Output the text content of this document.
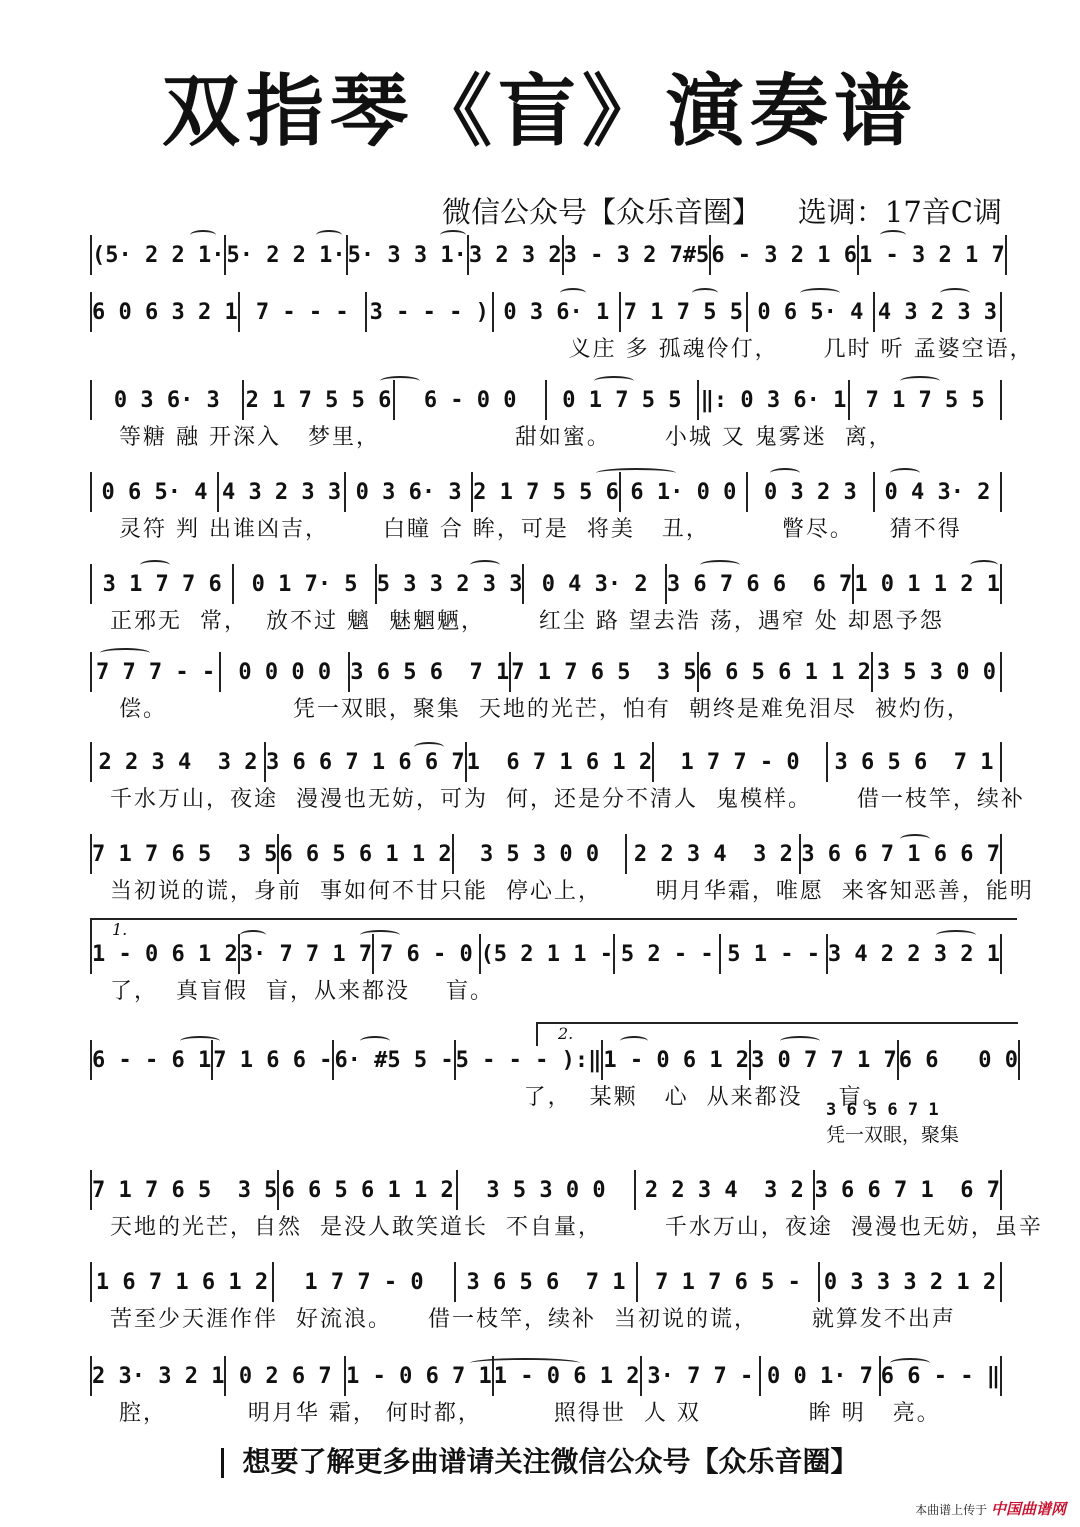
双指琴《盲》演奏谱
微信公众号【众乐音圈】    选调：17音C调
(5· 2 2 1· 5· 2 2 1· 5· 3 3 1· 3 2 3 2 3 - 3 2 7#5 6 - 3 2 1 6 1 - 3 2 1 7
6 0 6 3 2 1 7 - - - 3 - - - ) 0 3 6· 1 7 1 7 5 5 0 6 5· 4 4 3 2 3 3
义庄 多 孤魂伶仃，     几时 听 孟婆空语，
0 3 6· 3	2 1 7 5 5 6	6 - 0 0	0 1 7 5 5 ‖: 0 3 6· 1 7 1 7 5 5
等糖 融 开深入   梦里，               甜如蜜。      小城 又 鬼雾迷  离，
0 6 5· 4 4 3 2 3 3 0 3 6· 3 2 1 7 5 5 6 6 1· 0 0	0 3 2 3	0 4 3· 2
灵符 判 出谁凶吉，      白瞳 合 眸，可是  将美   丑，        瞥尽。    猜不得
3 1 7 7 6	0 1 7· 5 5 3 3 2 3 3 0 4 3· 2 3 6 7 6 6  6 7 1 0 1 1 2 1
正邪无  常，  放不过 魑  魅魍魉，      红尘 路 望去浩 荡，遇窄 处 却恩予怨
7 7 7 - -	0 0 0 0 3 6 5 6  7 1 7 1 7 6 5  3 5 6 6 5 6 1 1 2 3 5 3 0 0
偿。              凭一双眼，聚集  天地的光芒，怕有  朝终是难免泪尽  被灼伤，
2 2 3 4  3 2 3 6 6 7 1 6 6 7 1  6 7 1 6 1 2	1 7 7 - 0	3 6 5 6  7 1
千水万山，夜途  漫漫也无妨，可为  何，还是分不清人  鬼模样。     借一枝竿，续补
7 1 7 6 5  3 5 6 6 5 6 1 1 2	3 5 3 0 0	2 2 3 4  3 2 3 6 6 7 1 6 6 7
当初说的谎，身前  事如何不甘只能  停心上，      明月华霜，唯愿  来客知恶善，能明
1 - 0 6 1 2 3· 7 7 1 7 7 6 - 0 (5 2 1 1 - 5 2 - - 5 1 - - 3 4 2 2 3 2 1
了，  真盲假  盲，从来都没    盲。
1.
6 - - 6 1 7 1 6 6 - 6· #5 5 - 5 - - - ):‖ 1 - 0 6 1 2 3 0 7 7 1 7 6 6   0 0
了，  某颗   心  从来都没    盲。
2.
7 1 7 6 5  3 5 6 6 5 6 1 1 2	3 5 3 0 0	2 2 3 4  3 2 3 6 6 7 1  6 7
天地的光芒，自然  是没人敢笑道长  不自量，       千水万山，夜途  漫漫也无妨，虽辛
1 6 7 1 6 1 2	1 7 7 - 0	3 6 5 6  7 1	7 1 7 6 5 -	0 3 3 3 2 1 2
苦至少天涯作伴  好流浪。    借一枝竿，续补  当初说的谎，      就算发不出声
2 3· 3 2 1 0 2 6 7 1 - 0 6 7 1 1 - 0 6 1 2 3· 7 7 - 0 0 1· 7 6 6 - - ‖
腔，         明月华 霜， 何时都，        照得世  人 双            眸 明   亮。
3 6 5 6 7 1
凭一双眼，聚集
想要了解更多曲谱请关注微信公众号【众乐音圈】
本曲谱上传于 中国曲谱网
